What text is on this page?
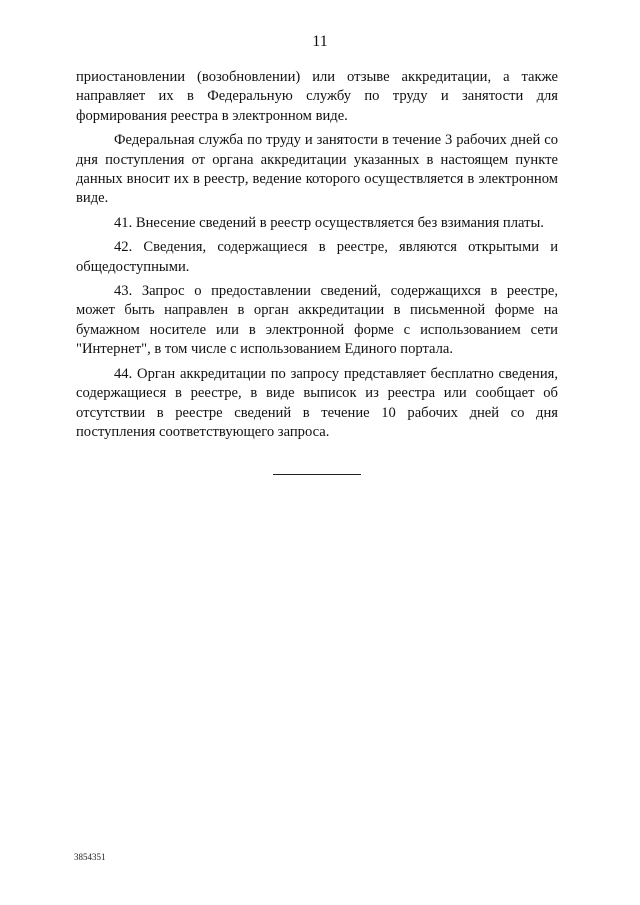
11

приостановлении (возобновлении) или отзыве аккредитации, а также направляет их в Федеральную службу по труду и занятости для формирования реестра в электронном виде.

Федеральная служба по труду и занятости в течение 3 рабочих дней со дня поступления от органа аккредитации указанных в настоящем пункте данных вносит их в реестр, ведение которого осуществляется в электронном виде.

41. Внесение сведений в реестр осуществляется без взимания платы.

42. Сведения, содержащиеся в реестре, являются открытыми и общедоступными.

43. Запрос о предоставлении сведений, содержащихся в реестре, может быть направлен в орган аккредитации в письменной форме на бумажном носителе или в электронной форме с использованием сети "Интернет", в том числе с использованием Единого портала.

44. Орган аккредитации по запросу представляет бесплатно сведения, содержащиеся в реестре, в виде выписок из реестра или сообщает об отсутствии в реестре сведений в течение 10 рабочих дней со дня поступления соответствующего запроса.

3854351
